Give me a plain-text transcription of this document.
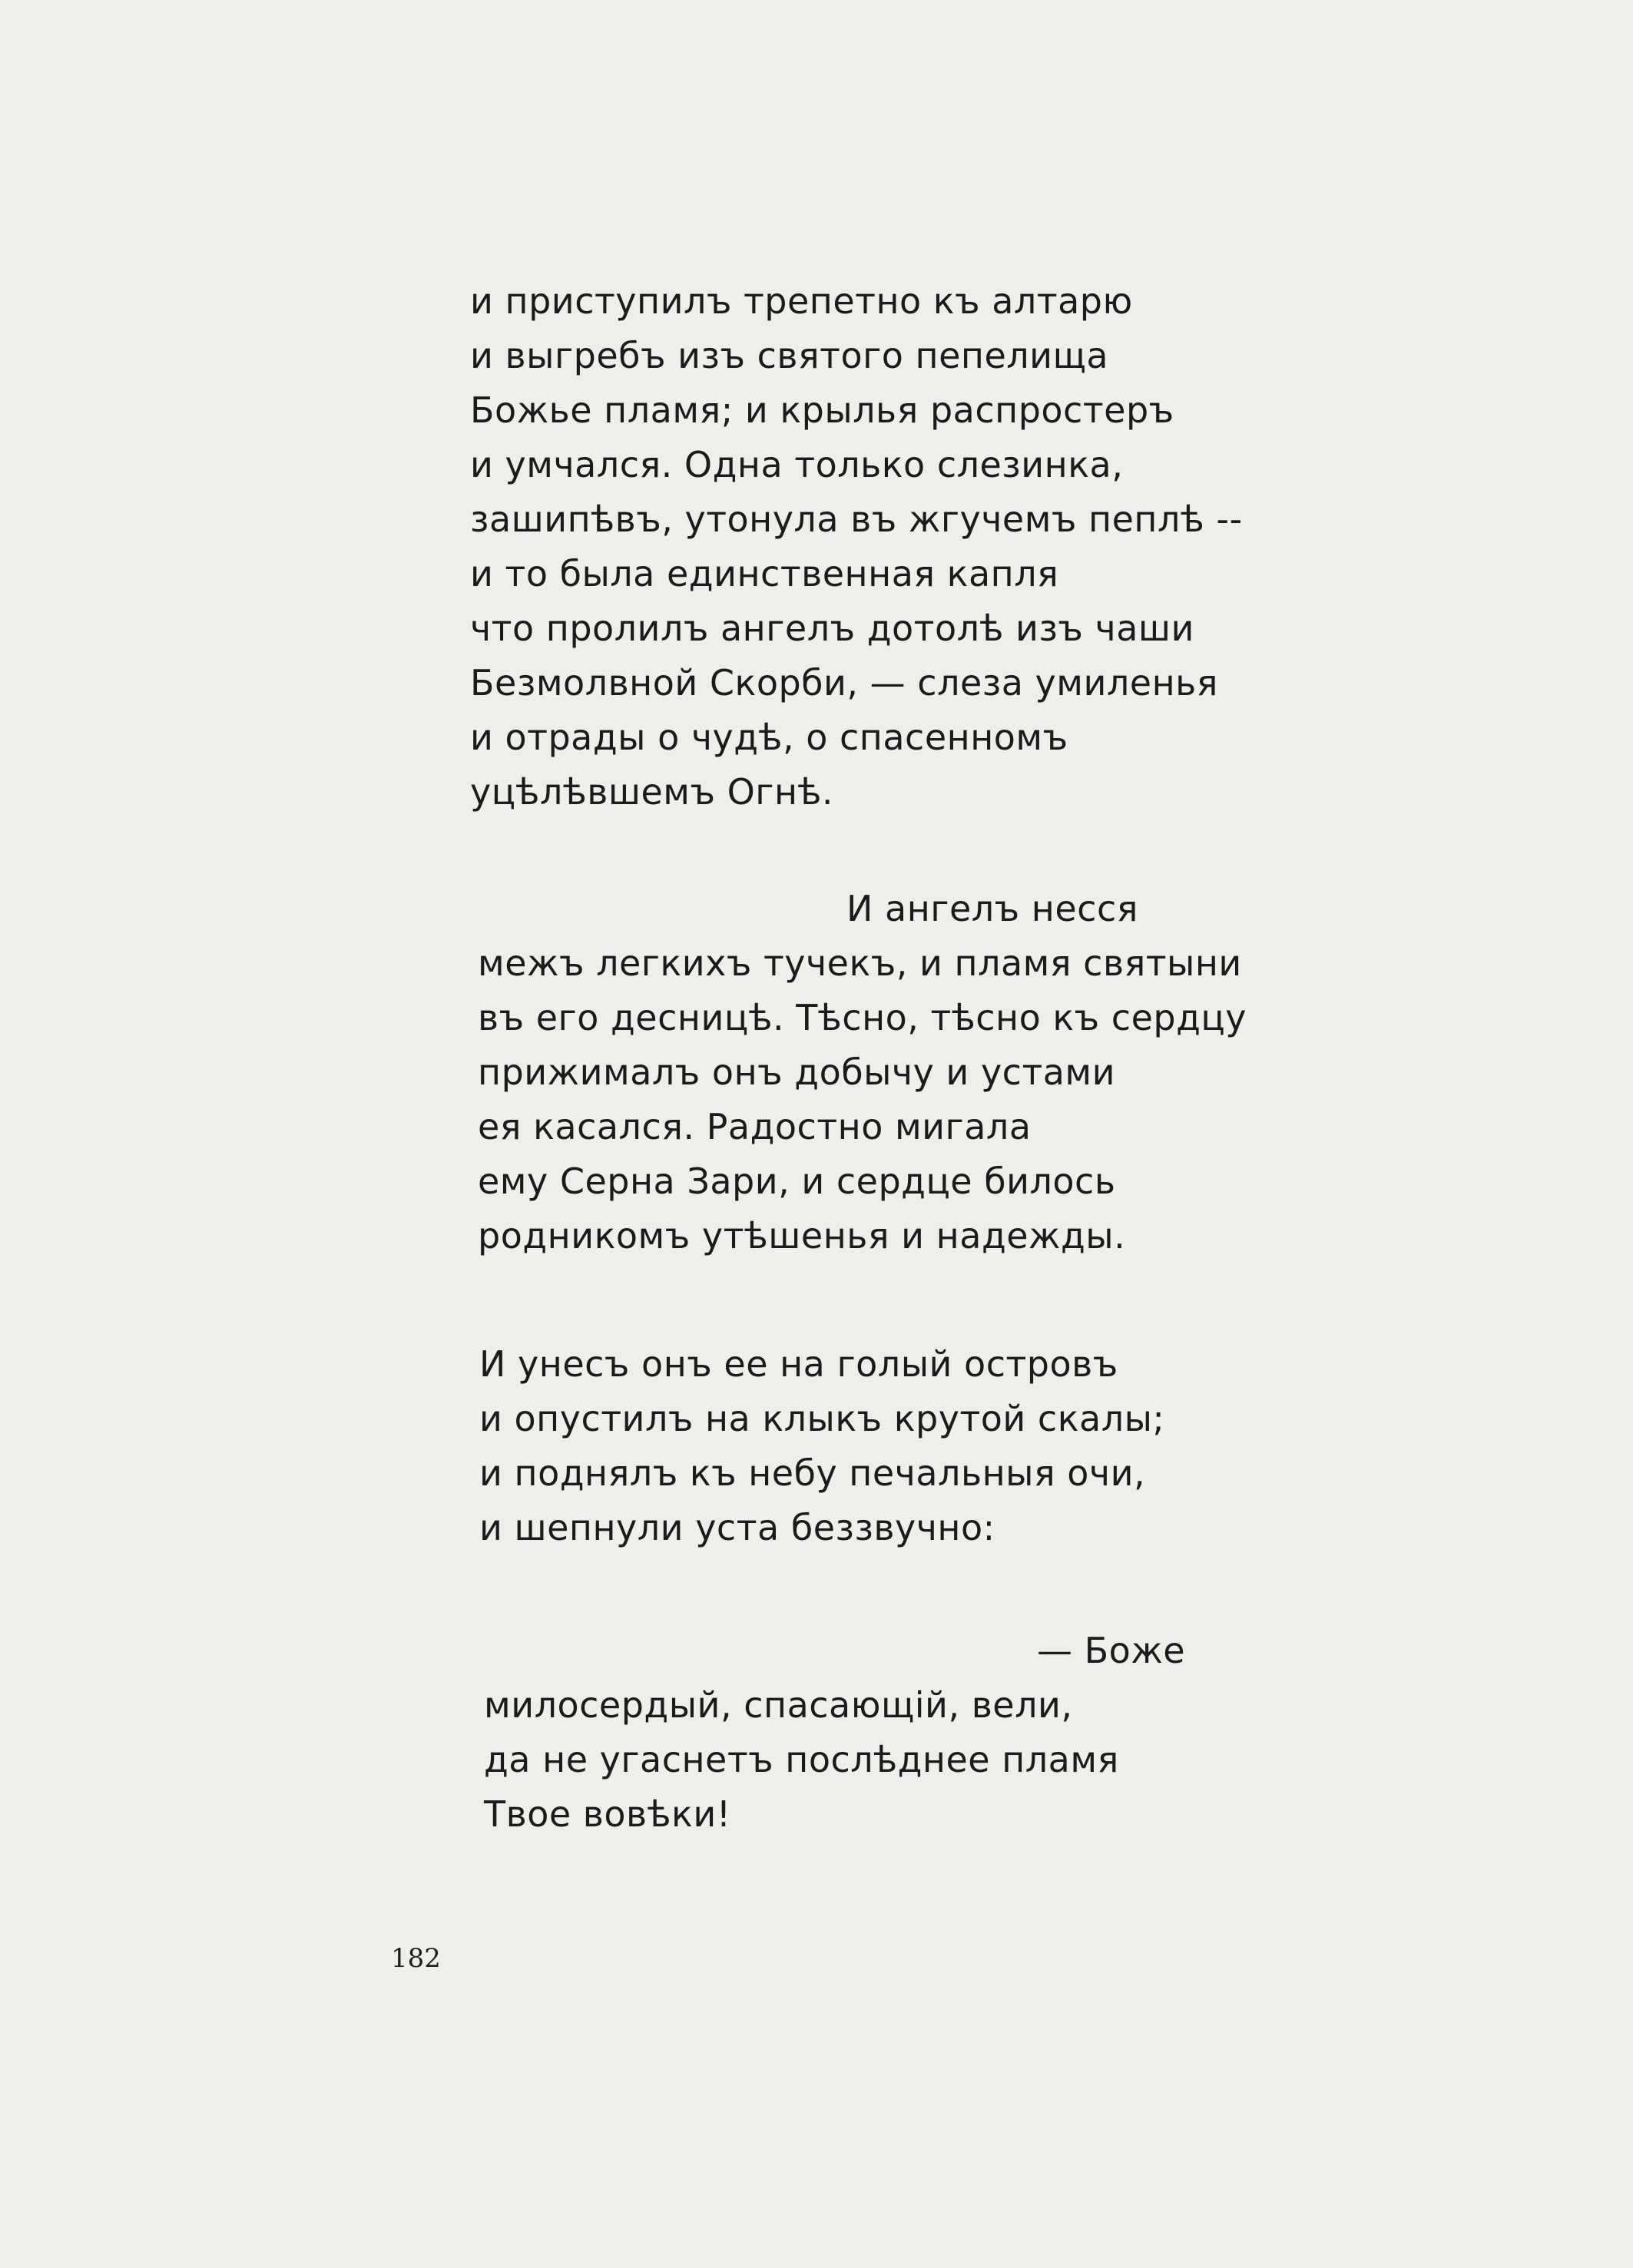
и приступилъ трепетно къ алтарю
и выгребъ изъ святого пепелища
Божье пламя; и крылья распростеръ
и умчался. Одна только слезинка,
зашипѣвъ, утонула въ жгучемъ пеплѣ --
и то была единственная капля
что пролилъ ангелъ дотолѣ изъ чаши
Безмолвной Скорби, — слеза умиленья
и отрады о чудѣ, о спасенномъ
уцѣлѣвшемъ Огнѣ.
И ангелъ несся
межъ легкихъ тучекъ, и пламя святыни
въ его десницѣ. Тѣсно, тѣсно къ сердцу
прижималъ онъ добычу и устами
ея касался. Радостно мигала
ему Серна Зари, и сердце билось
родникомъ утѣшенья и надежды.
И унесъ онъ ее на голый островъ
и опустилъ на клыкъ крутой скалы;
и поднялъ къ небу печальныя очи,
и шепнули уста беззвучно:
— Боже
милосердый, спасающій, вели,
да не угаснетъ послѣднее пламя
Твое вовѣки!
182
